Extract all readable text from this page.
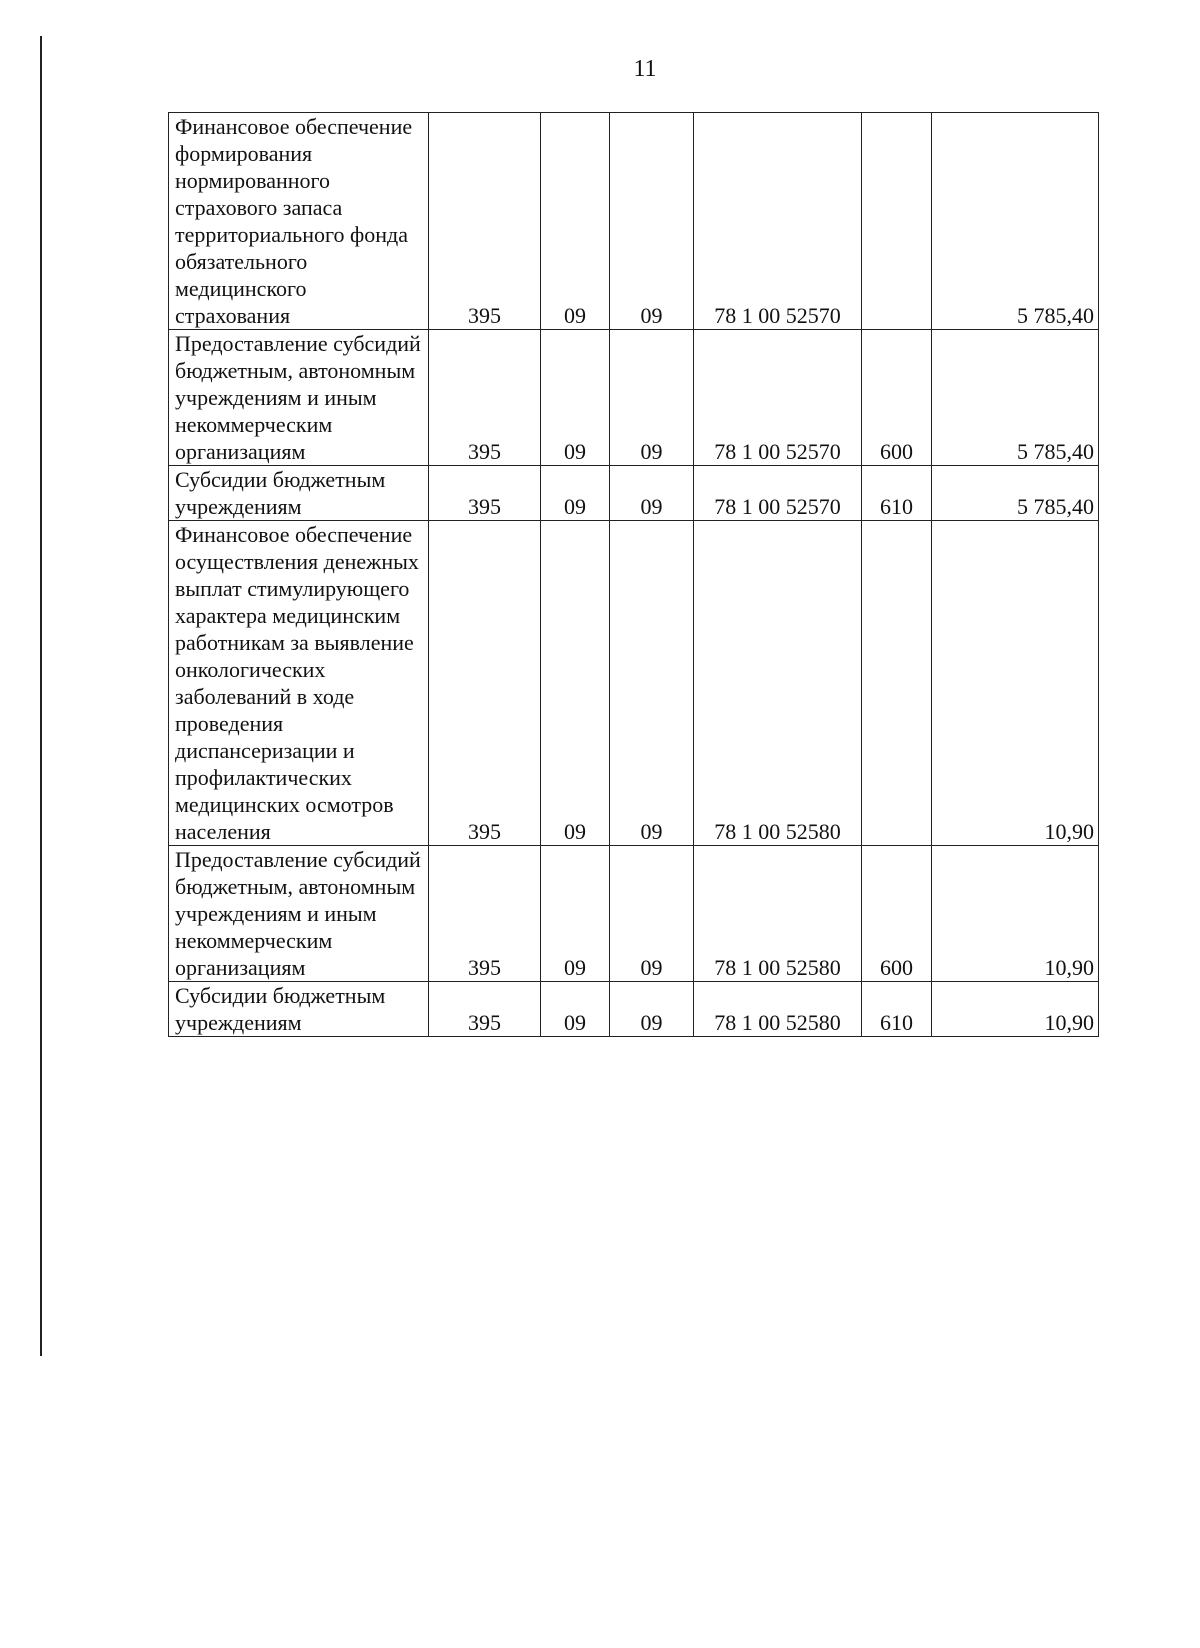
11
Финансовое обеспечение формирования нормированного страхового запаса территориального фонда обязательного медицинского страхования	395	09	09	78 1 00 52570		5 785,40
Предоставление субсидий бюджетным, автономным учреждениям и иным некоммерческим организациям	395	09	09	78 1 00 52570	600	5 785,40
Субсидии бюджетным учреждениям	395	09	09	78 1 00 52570	610	5 785,40
Финансовое обеспечение осуществления денежных выплат стимулирующего характера медицинским работникам за выявление онкологических заболеваний в ходе проведения диспансеризации и профилактических медицинских осмотров населения	395	09	09	78 1 00 52580		10,90
Предоставление субсидий бюджетным, автономным учреждениям и иным некоммерческим организациям	395	09	09	78 1 00 52580	600	10,90
Субсидии бюджетным учреждениям	395	09	09	78 1 00 52580	610	10,90
